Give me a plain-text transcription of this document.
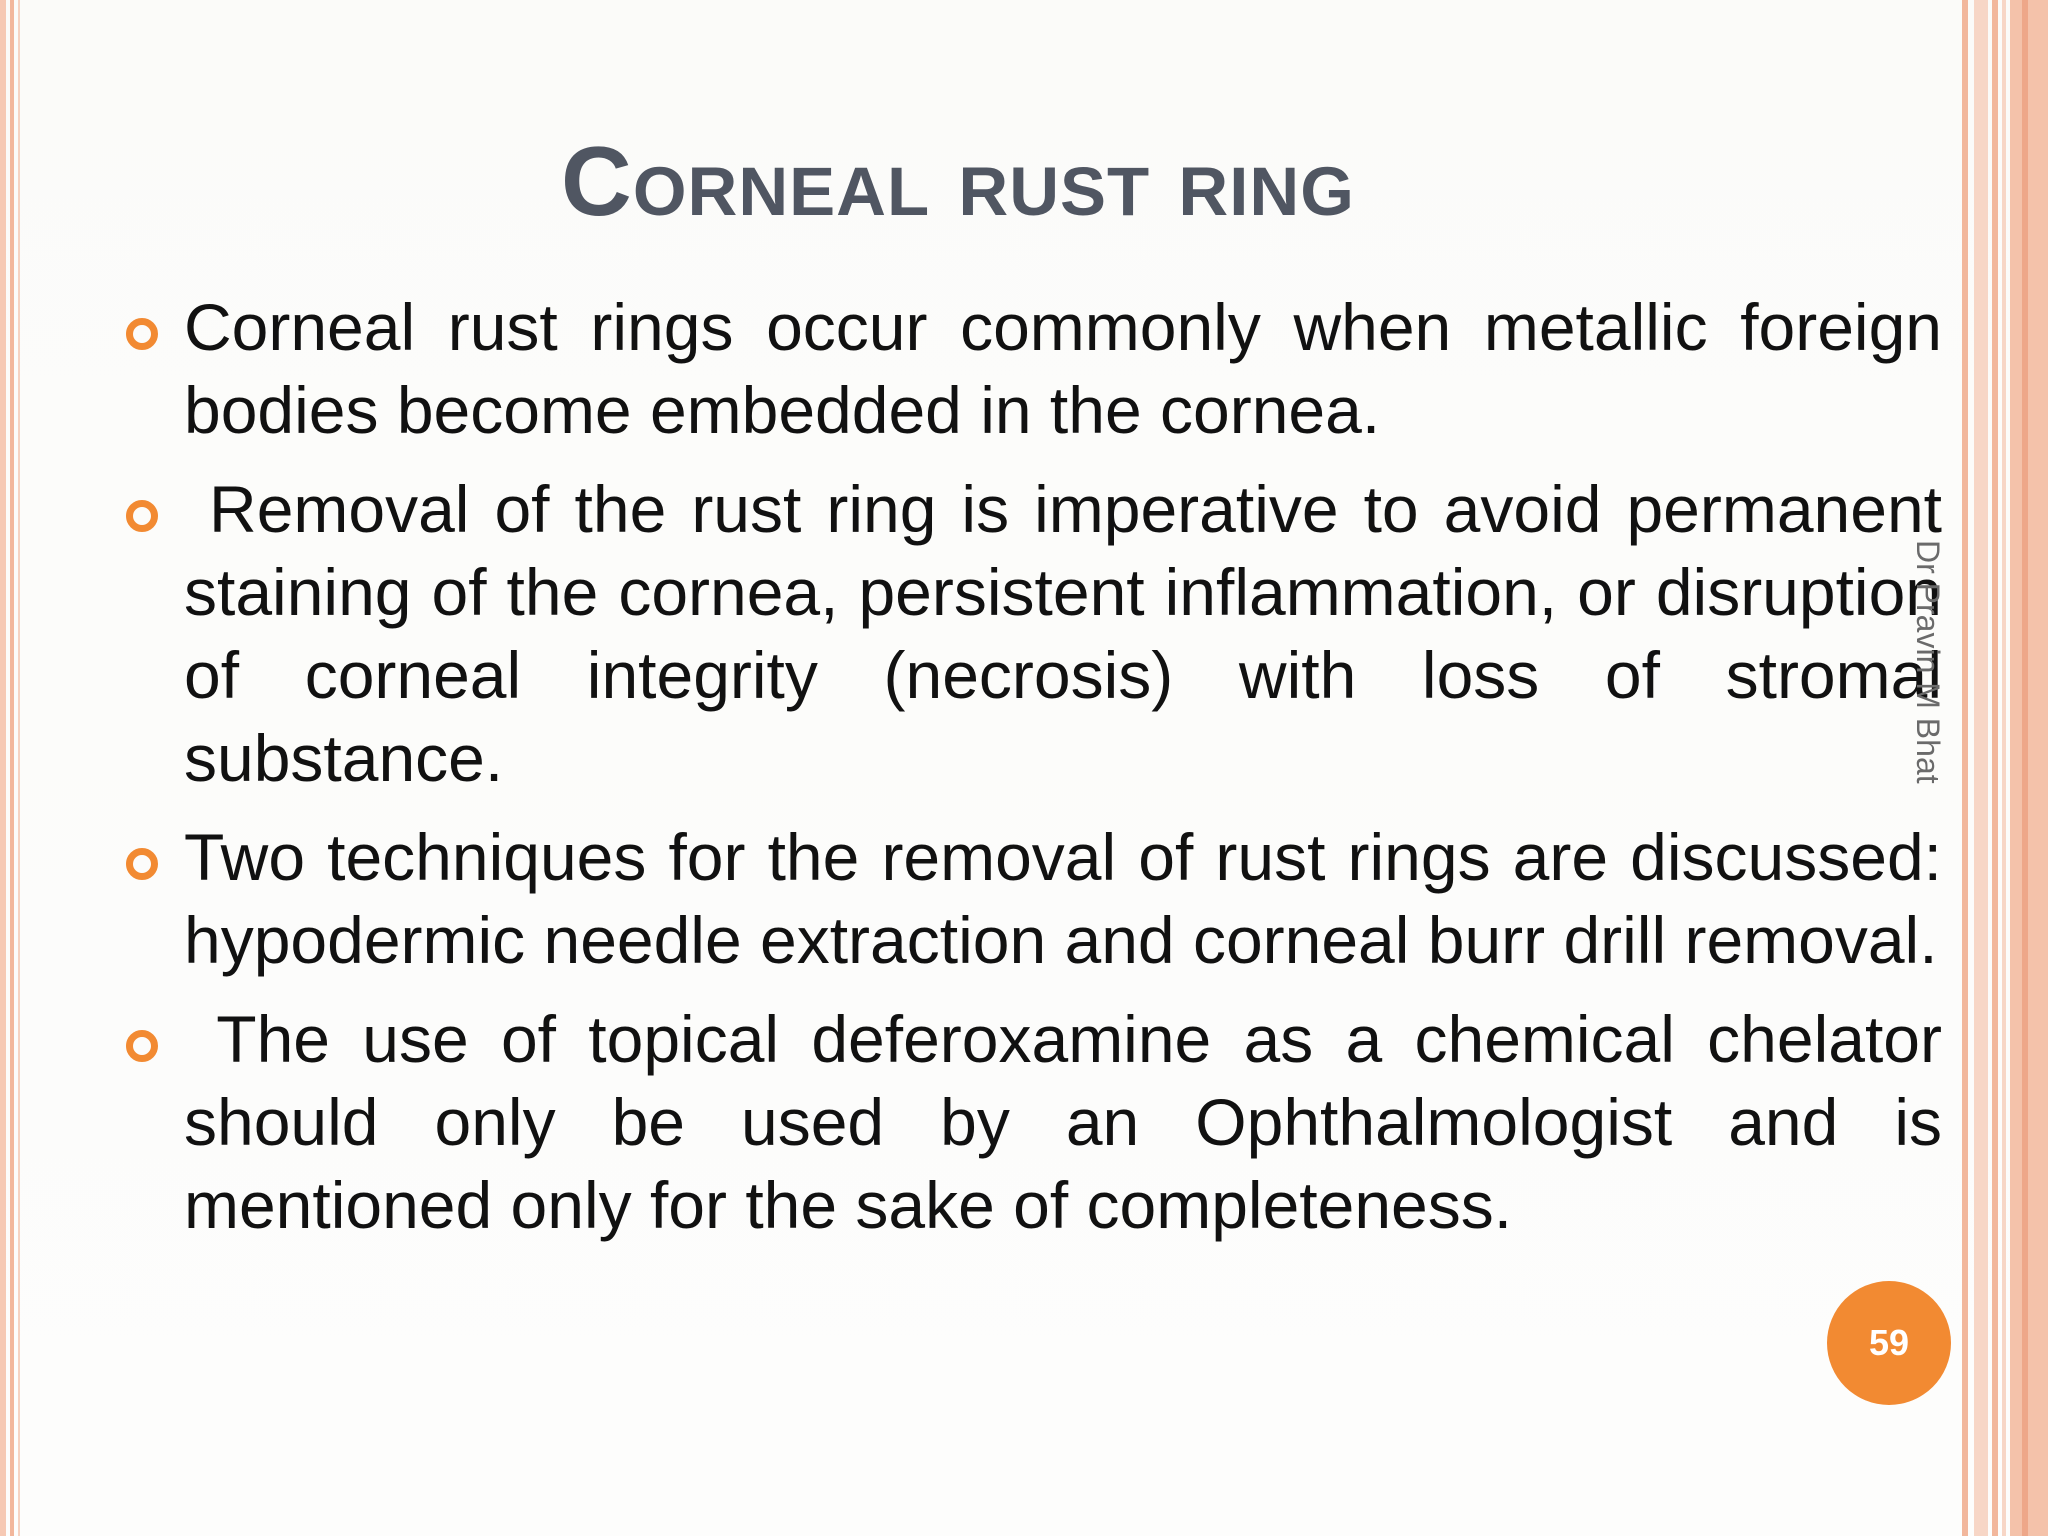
Corneal rust ring
Corneal rust rings occur commonly when metallic foreign bodies become embedded in the cornea.
Removal of the rust ring is imperative to avoid permanent staining of the cornea, persistent inflammation, or disruption of corneal integrity (necrosis) with loss of stromal substance.
Two techniques for the removal of rust rings are discussed: hypodermic needle extraction and corneal burr drill removal.
The use of topical deferoxamine as a chemical chelator should only be used by an Ophthalmologist and is mentioned only for the sake of completeness.
Dr Pravin M Bhat
59
